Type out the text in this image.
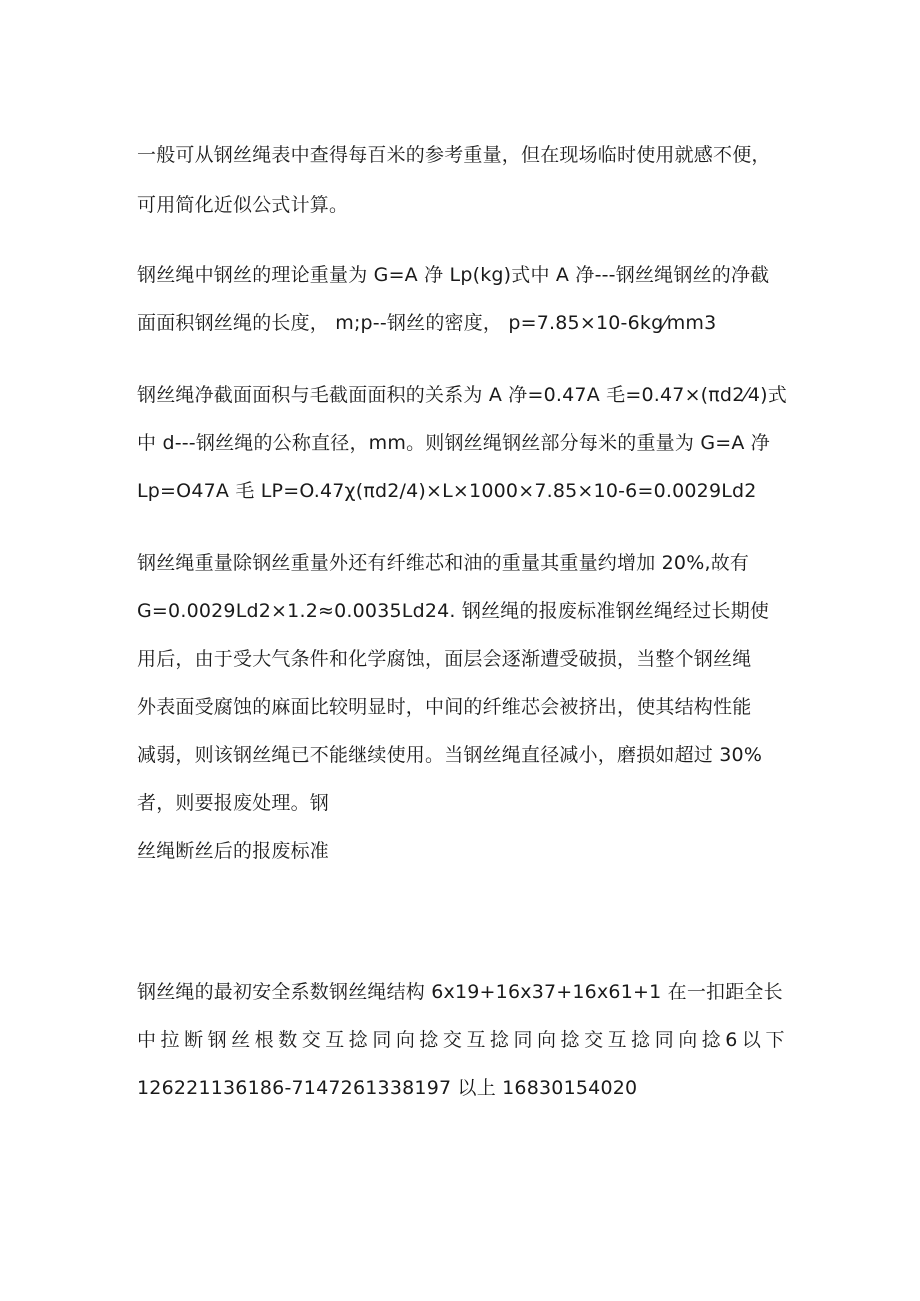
一般可从钢丝绳表中查得每百米的参考重量，但在现场临时使用就感不便，
可用简化近似公式计算。
钢丝绳中钢丝的理论重量为 G=A 净 Lp(kg)式中 A 净---钢丝绳钢丝的净截
面面积钢丝绳的长度， m;p--钢丝的密度， p=7.85×10-6kg⁄mm3
钢丝绳净截面面积与毛截面面积的关系为 A 净=0.47A 毛=0.47×(πd2⁄4)式
中 d---钢丝绳的公称直径，mm。则钢丝绳钢丝部分每米的重量为 G=A 净
Lp=O47A 毛 LP=O.47χ(πd2/4)×L×1000×7.85×10-6=0.0029Ld2
钢丝绳重量除钢丝重量外还有纤维芯和油的重量其重量约增加 20%,故有
G=0.0029Ld2×1.2≈0.0035Ld24. 钢丝绳的报废标准钢丝绳经过长期使
用后，由于受大气条件和化学腐蚀，面层会逐渐遭受破损，当整个钢丝绳
外表面受腐蚀的麻面比较明显时，中间的纤维芯会被挤出，使其结构性能
减弱，则该钢丝绳已不能继续使用。当钢丝绳直径减小，磨损如超过 30%
者，则要报废处理。钢
丝绳断丝后的报废标准
钢丝绳的最初安全系数钢丝绳结构 6x19+16x37+16x61+1 在一扣距全长
中 拉 断 钢 丝 根 数 交 互 捻 同 向 捻 交 互 捻 同 向 捻 交 互 捻 同 向 捻 6 以 下
126221136186-7147261338197 以上 16830154020
